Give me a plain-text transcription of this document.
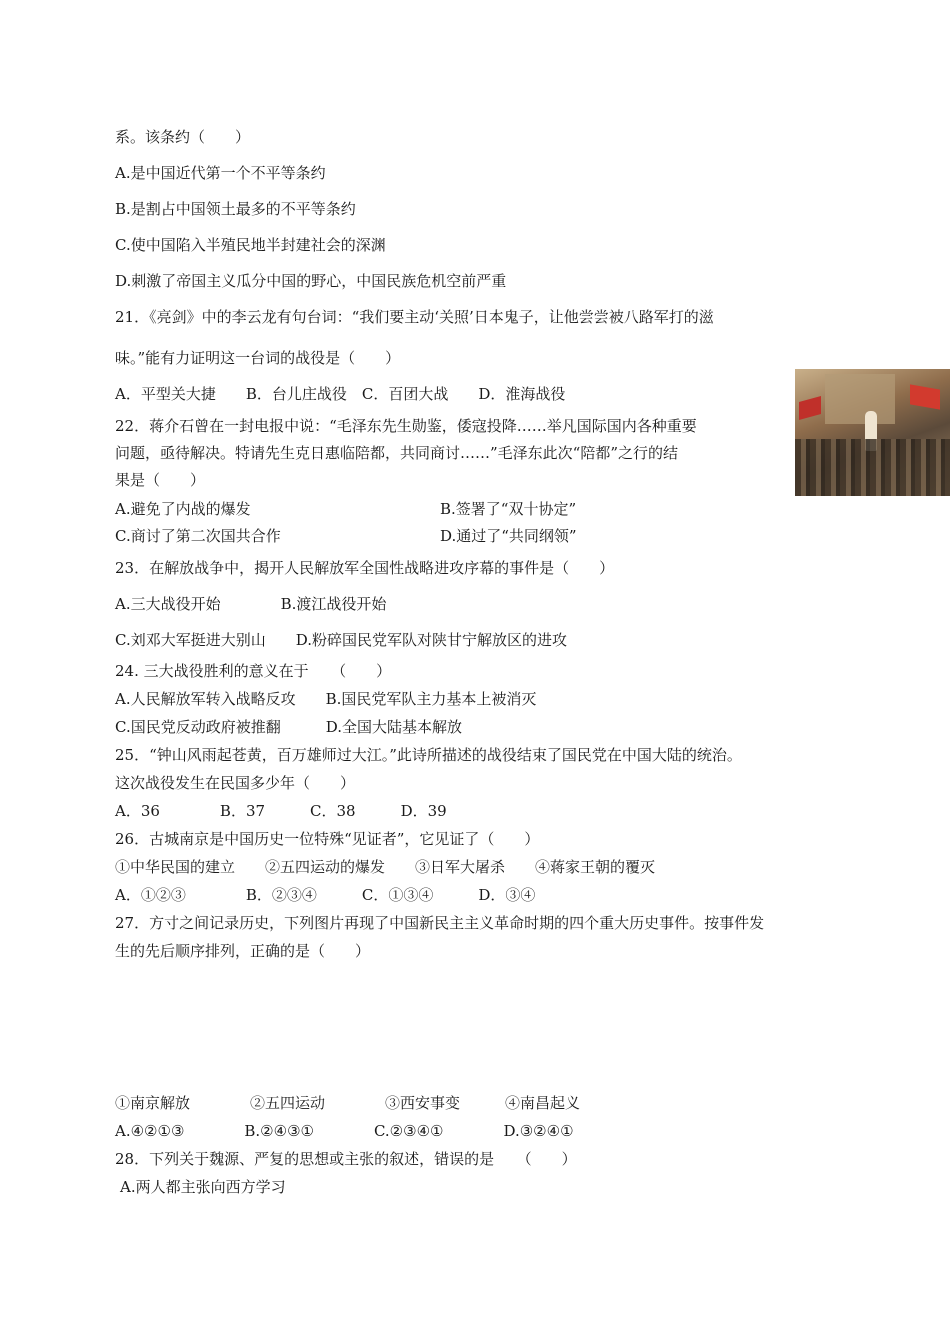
系。该条约（　　）
A.是中国近代第一个不平等条约
B.是割占中国领土最多的不平等条约
C.使中国陷入半殖民地半封建社会的深渊
D.刺激了帝国主义瓜分中国的野心，中国民族危机空前严重
21．《亮剑》中的李云龙有句台词：“我们要主动‘关照’日本鬼子，让他尝尝被八路军打的滋
味。”能有力证明这一台词的战役是（　　）
A．平型关大捷　　B．台儿庄战役　C．百团大战　　D．淮海战役
22．蒋介石曾在一封电报中说：“毛泽东先生勋鉴，倭寇投降……举凡国际国内各种重要
问题，亟待解决。特请先生克日惠临陪都，共同商讨……”毛泽东此次“陪都”之行的结
果是（　　）
A.避免了内战的爆发	B.签署了“双十协定”
C.商讨了第二次国共合作	D.通过了“共同纲领”
23．在解放战争中，揭开人民解放军全国性战略进攻序幕的事件是（　　）
A.三大战役开始　　　　B.渡江战役开始
C.刘邓大军挺进大别山　　D.粉碎国民党军队对陕甘宁解放区的进攻
24. 三大战役胜利的意义在于　　（　　）
A.人民解放军转入战略反攻　　B.国民党军队主力基本上被消灭
C.国民党反动政府被推翻　　　D.全国大陆基本解放
25．“钟山风雨起苍黄，百万雄师过大江。”此诗所描述的战役结束了国民党在中国大陆的统治。
这次战役发生在民国多少年（　　）
A．36　　　　B．37　　　C．38　　　D．39
26．古城南京是中国历史一位特殊“见证者”，它见证了（　　）
①中华民国的建立　　②五四运动的爆发　　③日军大屠杀　　④蒋家王朝的覆灭
A．①②③　　　　B．②③④　　　C．①③④　　　D．③④
27．方寸之间记录历史，下列图片再现了中国新民主主义革命时期的四个重大历史事件。按事件发
生的先后顺序排列，正确的是（　　）
①南京解放　　　　②五四运动　　　　③西安事变　　　④南昌起义
A.④②①③　　　　B.②④③①　　　　C.②③④①　　　　D.③②④①
28．下列关于魏源、严复的思想或主张的叙述，错误的是　　（　　）
A.两人都主张向西方学习
